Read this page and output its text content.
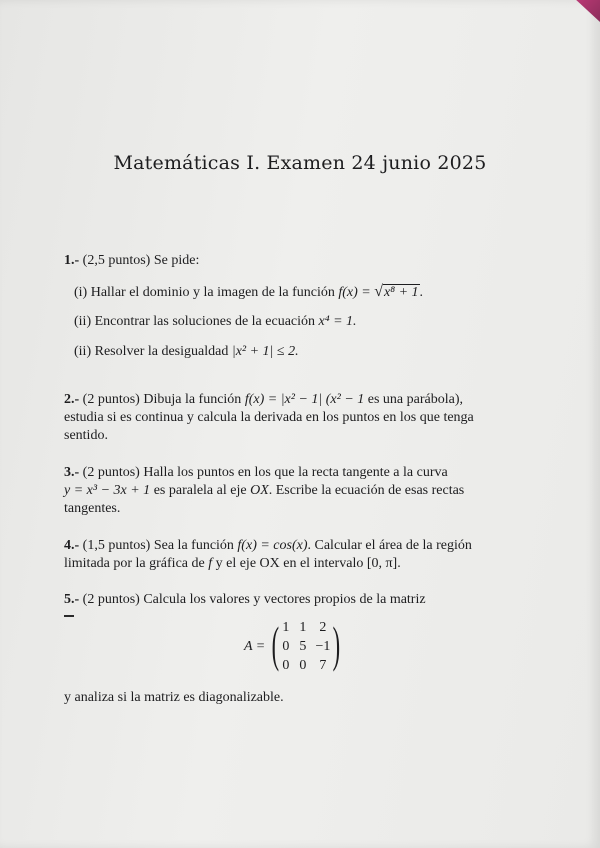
Matemáticas I. Examen 24 junio 2025
1.- (2,5 puntos) Se pide:
(i) Hallar el dominio y la imagen de la función f(x) = √x⁸ + 1.
(ii) Encontrar las soluciones de la ecuación x⁴ = 1.
(ii) Resolver la desigualdad |x² + 1| ≤ 2.
2.- (2 puntos) Dibuja la función f(x) = |x² − 1| (x² − 1 es una parábola),
estudia si es continua y calcula la derivada en los puntos en los que tenga
sentido.
3.- (2 puntos) Halla los puntos en los que la recta tangente a la curva
y = x³ − 3x + 1 es paralela al eje OX. Escribe la ecuación de esas rectas
tangentes.
4.- (1,5 puntos) Sea la función f(x) = cos(x). Calcular el área de la región
limitada por la gráfica de f y el eje OX en el intervalo [0, π].
5.- (2 puntos) Calcula los valores y vectores propios de la matriz
A = ( 1 1 2
0 5 −1
0 0 7 )
y analiza si la matriz es diagonalizable.
